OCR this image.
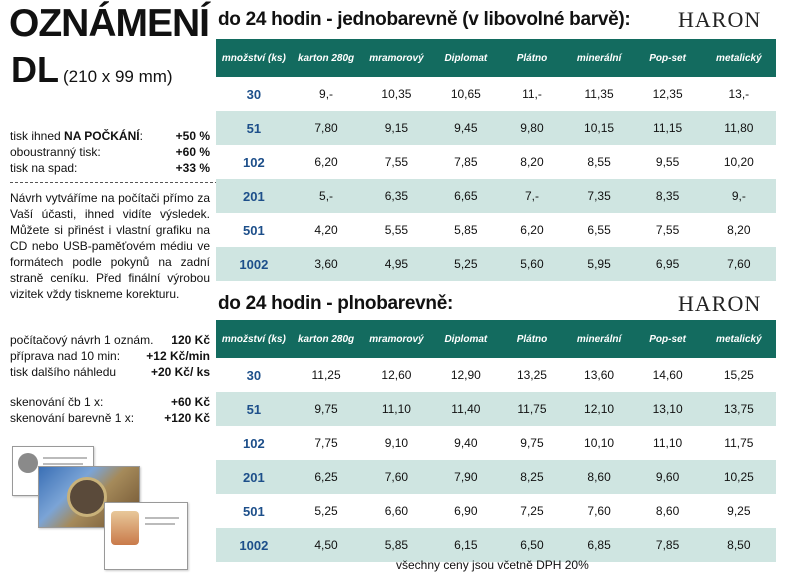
OZNÁMENÍ
DL (210 x 99 mm)
tisk ihned NA POČKÁNÍ:	+50 %
oboustranný tisk:	+60 %
tisk na spad:	+33 %
Návrh vytváříme na počítači přímo za Vaší účasti, ihned vidíte výsledek. Můžete si přinést i vlastní grafiku na CD nebo USB-paměťovém médiu ve formátech podle pokynů na zadní straně ceníku. Před finální výrobou vizitek vždy tiskneme korekturu.
počítačový návrh 1 oznám. 120 Kč
příprava nad 10 min: +12 Kč/min
tisk dalšího náhledu	+20 Kč/ ks
skenování čb 1 x:	+60 Kč
skenování barevně 1 x:	+120 Kč
do 24 hodin - jednobarevně (v libovolné barvě): HARON
množství (ks)	karton 280g	mramorový	Diplomat	Plátno	minerální	Pop-set	metalický
30	9,-	10,35	10,65	11,-	11,35	12,35	13,-
51	7,80	9,15	9,45	9,80	10,15	11,15	11,80
102	6,20	7,55	7,85	8,20	8,55	9,55	10,20
201	5,-	6,35	6,65	7,-	7,35	8,35	9,-
501	4,20	5,55	5,85	6,20	6,55	7,55	8,20
1002	3,60	4,95	5,25	5,60	5,95	6,95	7,60
do 24 hodin - plnobarevně:	HARON
množství (ks)	karton 280g	mramorový	Diplomat	Plátno	minerální	Pop-set	metalický
30	11,25	12,60	12,90	13,25	13,60	14,60	15,25
51	9,75	11,10	11,40	11,75	12,10	13,10	13,75
102	7,75	9,10	9,40	9,75	10,10	11,10	11,75
201	6,25	7,60	7,90	8,25	8,60	9,60	10,25
501	5,25	6,60	6,90	7,25	7,60	8,60	9,25
1002	4,50	5,85	6,15	6,50	6,85	7,85	8,50
všechny ceny jsou včetně DPH 20%
